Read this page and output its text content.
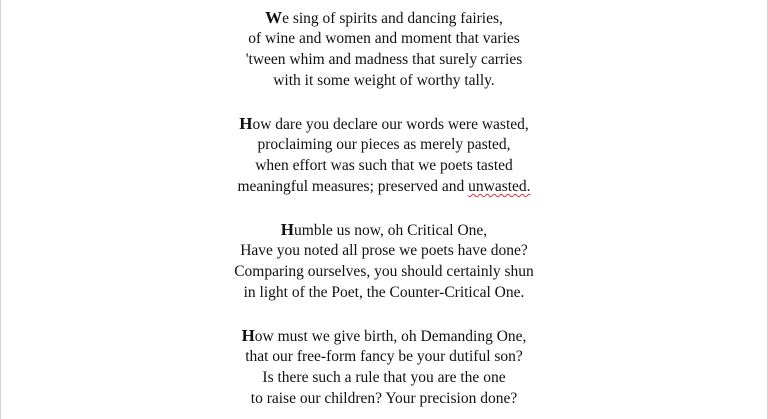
We sing of spirits and dancing fairies,
of wine and women and moment that varies
'tween whim and madness that surely carries
with it some weight of worthy tally.
How dare you declare our words were wasted,
proclaiming our pieces as merely pasted,
when effort was such that we poets tasted
meaningful measures; preserved and unwasted.
Humble us now, oh Critical One,
Have you noted all prose we poets have done?
Comparing ourselves, you should certainly shun
in light of the Poet, the Counter-Critical One.
How must we give birth, oh Demanding One,
that our free-form fancy be your dutiful son?
Is there such a rule that you are the one
to raise our children? Your precision done?
